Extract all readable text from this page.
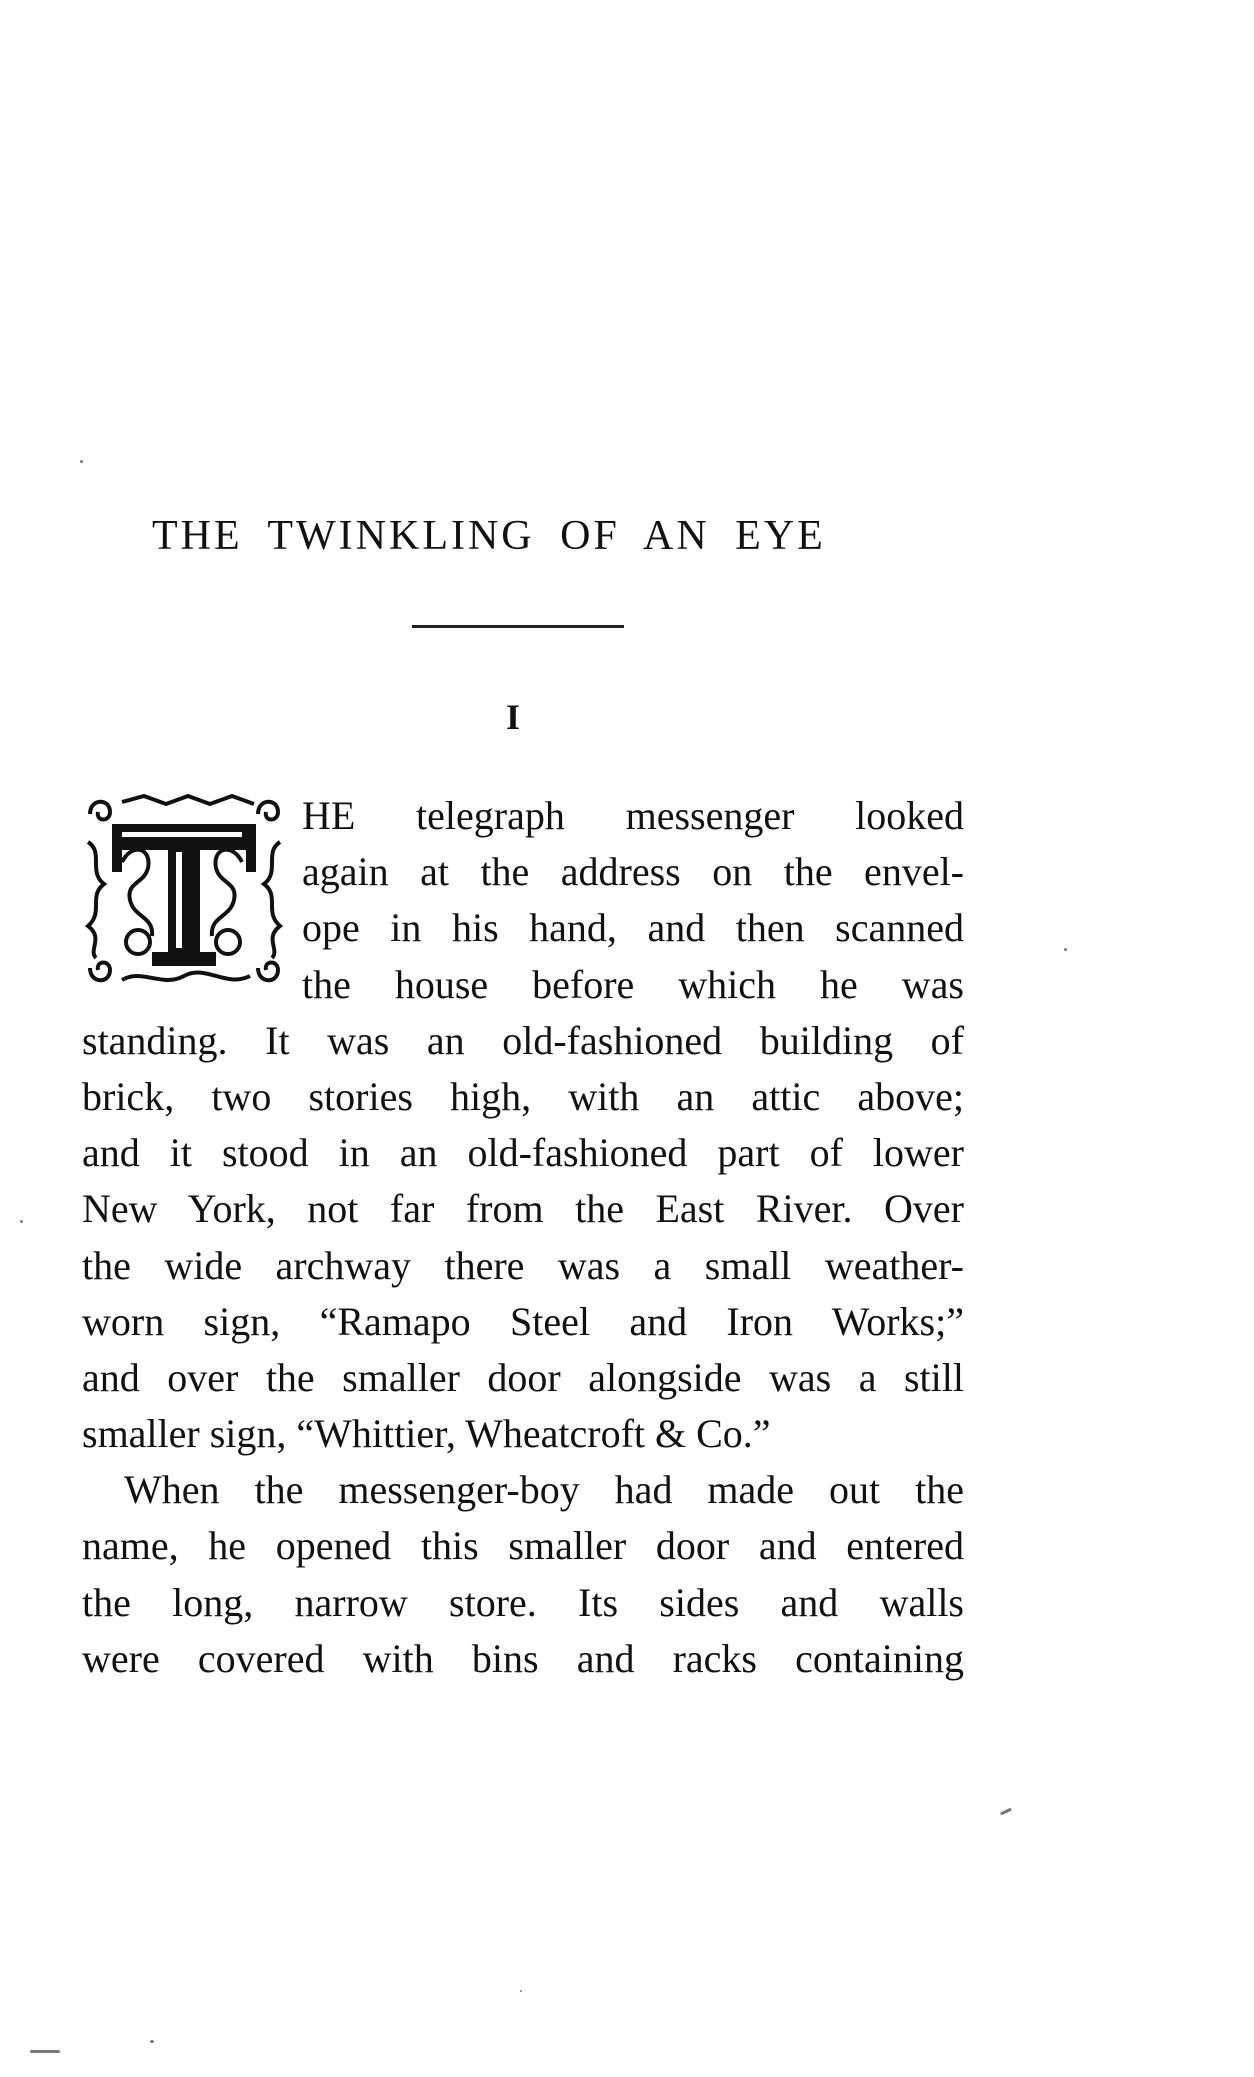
THE TWINKLING OF AN EYE
I
HE telegraph messenger looked
again at the address on the envel-
ope in his hand, and then scanned
the house before which he was
standing. It was an old-fashioned building of
brick, two stories high, with an attic above;
and it stood in an old-fashioned part of lower
New York, not far from the East River. Over
the wide archway there was a small weather-
worn sign, “Ramapo Steel and Iron Works;”
and over the smaller door alongside was a still
smaller sign, “Whittier, Wheatcroft & Co.”
When the messenger-boy had made out the
name, he opened this smaller door and entered
the long, narrow store. Its sides and walls
were covered with bins and racks containing
